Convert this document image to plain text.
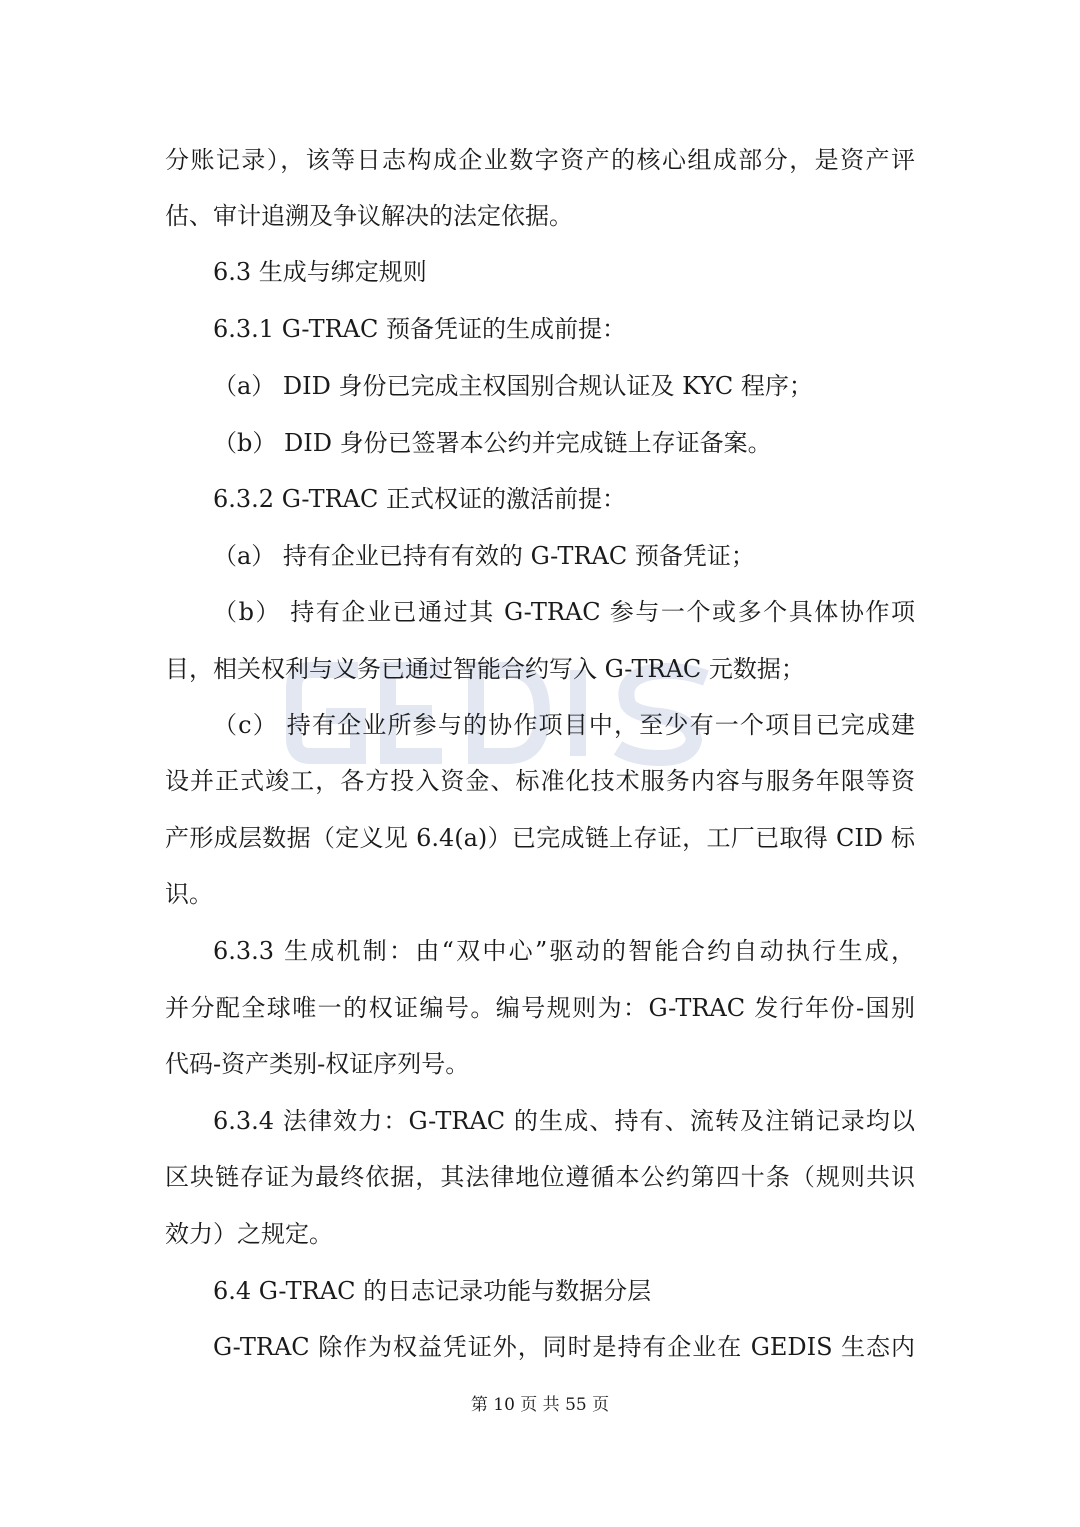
分账记录），该等日志构成企业数字资产的核心组成部分，是资产评
估、审计追溯及争议解决的法定依据。
6.3 生成与绑定规则
6.3.1 G-TRAC 预备凭证的生成前提：
（a） DID 身份已完成主权国别合规认证及 KYC 程序；
（b） DID 身份已签署本公约并完成链上存证备案。
6.3.2 G-TRAC 正式权证的激活前提：
（a） 持有企业已持有有效的 G-TRAC 预备凭证；
（b） 持有企业已通过其 G-TRAC 参与一个或多个具体协作项
目，相关权利与义务已通过智能合约写入 G-TRAC 元数据；
（c） 持有企业所参与的协作项目中，至少有一个项目已完成建
设并正式竣工，各方投入资金、标准化技术服务内容与服务年限等资
产形成层数据（定义见 6.4(a)）已完成链上存证，工厂已取得 CID 标
识。
6.3.3 生成机制：由“双中心”驱动的智能合约自动执行生成，
并分配全球唯一的权证编号。编号规则为：G-TRAC 发行年份-国别
代码-资产类别-权证序列号。
6.3.4 法律效力：G-TRAC 的生成、持有、流转及注销记录均以
区块链存证为最终依据，其法律地位遵循本公约第四十条（规则共识
效力）之规定。
6.4 G-TRAC 的日志记录功能与数据分层
G-TRAC 除作为权益凭证外，同时是持有企业在 GEDIS 生态内
第 10 页 共 55 页
